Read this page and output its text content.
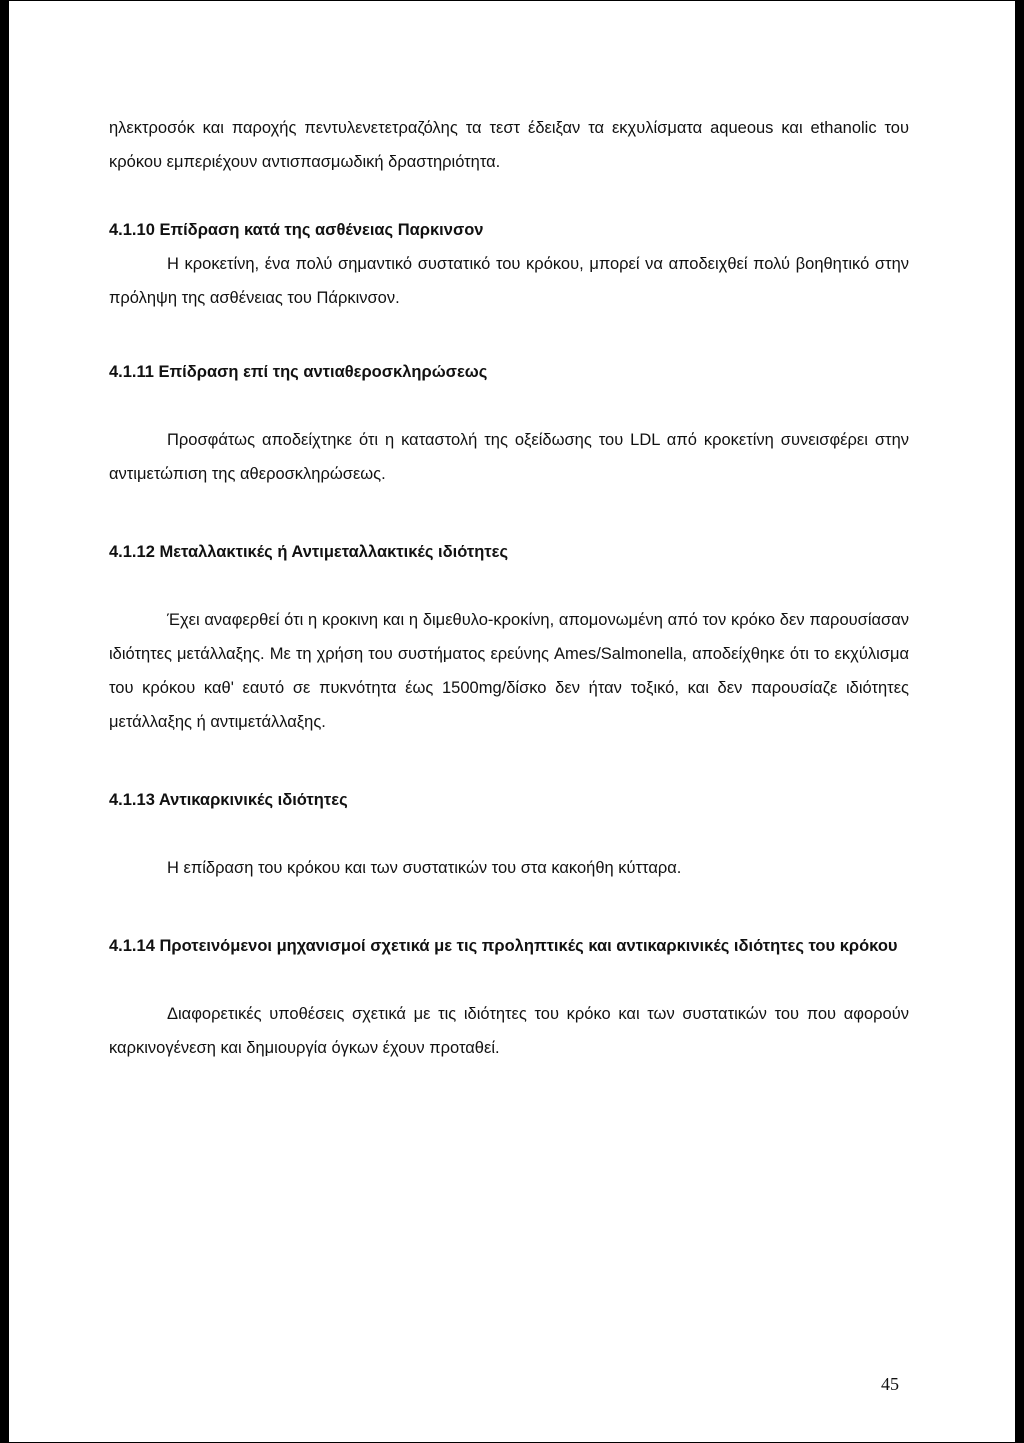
ηλεκτροσόκ και παροχής πεντυλενετετραζόλης τα τεστ έδειξαν τα εκχυλίσματα aqueous και ethanolic του κρόκου εμπεριέχουν αντισπασμωδική δραστηριότητα.

4.1.10 Επίδραση κατά της ασθένειας Παρκινσον

Η κροκετίνη, ένα πολύ σημαντικό συστατικό του κρόκου, μπορεί να αποδειχθεί πολύ βοηθητικό στην πρόληψη της ασθένειας του Πάρκινσον.

4.1.11 Επίδραση επί της αντιαθεροσκληρώσεως

Προσφάτως αποδείχτηκε ότι η καταστολή της οξείδωσης του LDL από κροκετίνη συνεισφέρει στην αντιμετώπιση της αθεροσκληρώσεως.

4.1.12 Μεταλλακτικές ή Αντιμεταλλακτικές ιδιότητες

Έχει αναφερθεί ότι η κροκινη και η διμεθυλο-κροκίνη, απομονωμένη από τον κρόκο δεν παρουσίασαν ιδιότητες μετάλλαξης. Με τη χρήση του συστήματος ερεύνης Ames/Salmonella, αποδείχθηκε ότι το εκχύλισμα του κρόκου καθ' εαυτό σε πυκνότητα έως 1500mg/δίσκο δεν ήταν τοξικό, και δεν παρουσίαζε ιδιότητες μετάλλαξης ή αντιμετάλλαξης.

4.1.13 Αντικαρκινικές ιδιότητες

Η επίδραση του κρόκου και των συστατικών του στα κακοήθη κύτταρα.

4.1.14 Προτεινόμενοι μηχανισμοί σχετικά με τις προληπτικές και αντικαρκινικές ιδιότητες του κρόκου

Διαφορετικές υποθέσεις σχετικά με τις ιδιότητες του κρόκο και των συστατικών του που αφορούν καρκινογένεση και δημιουργία όγκων έχουν προταθεί.

45
